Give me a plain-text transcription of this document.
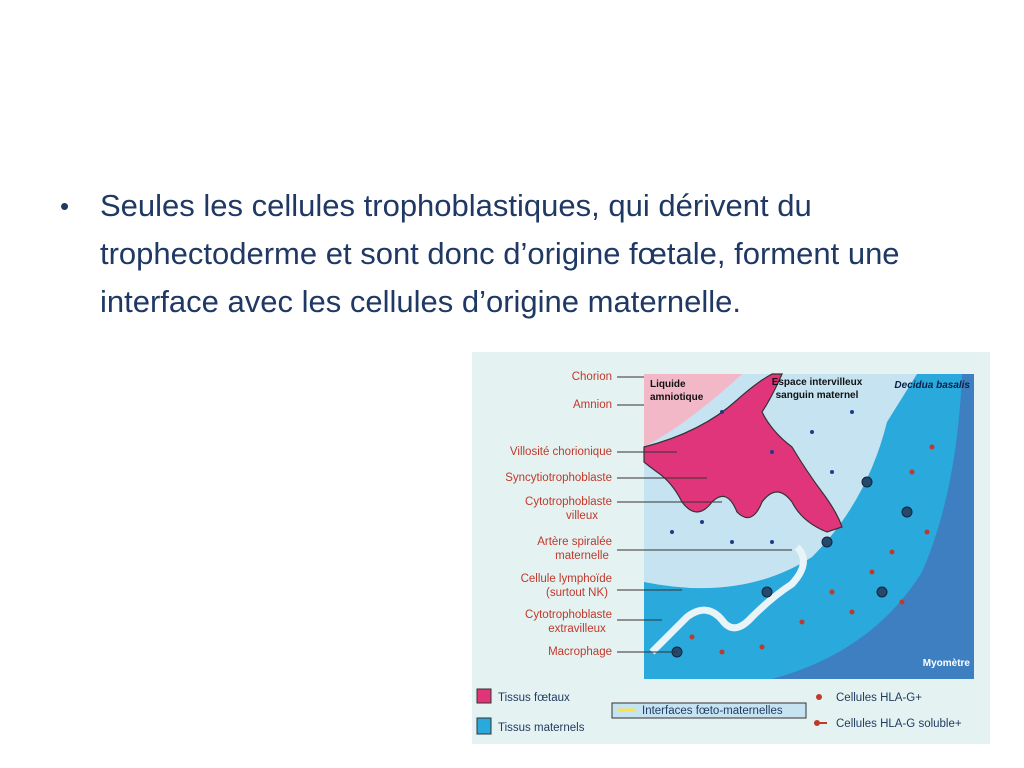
• Seules les cellules trophoblastiques, qui dérivent du trophectoderme et sont donc d’origine fœtale, forment une interface avec les cellules d’origine maternelle.
Chorion
Amnion
Villosité chorionique
Syncytiotrophoblaste
Cytotrophoblaste
villeux
Artère spiralée
maternelle
Cellule lymphoïde
(surtout NK)
Cytotrophoblaste
extravilleux
Macrophage
Liquide
amniotique
Espace intervilleux
sanguin maternel
Decidua basalis
Myomètre
Tissus fœtaux
Tissus maternels
Interfaces fœto-maternelles
Cellules HLA-G+
Cellules HLA-G soluble+
